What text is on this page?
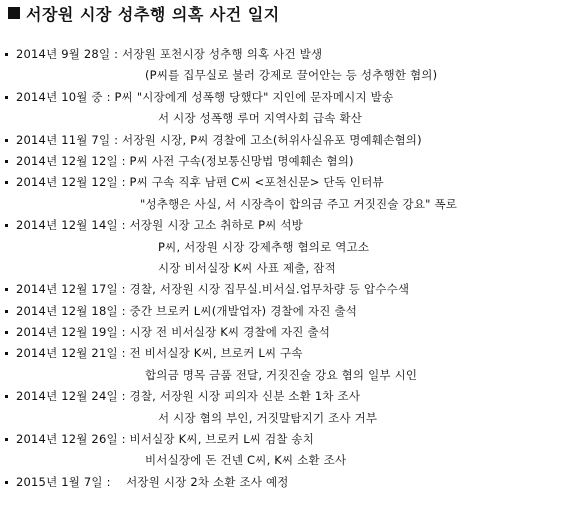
서장원 시장 성추행 의혹 사건 일지
2014년 9월 28일 : 서장원 포천시장 성추행 의혹 사건 발생
(P씨를 집무실로 불러 강제로 끌어안는 등 성추행한 혐의)
2014년 10월 중 : P씨 "시장에게 성폭행 당했다" 지인에 문자메시지 발송
서 시장 성폭행 루머 지역사회 급속 확산
2014년 11월 7일 : 서장원 시장, P씨 경찰에 고소(허위사실유포 명예훼손혐의)
2014년 12월 12일 : P씨 사전 구속(정보통신망법 명예훼손 혐의)
2014년 12월 12일 : P씨 구속 직후 남편 C씨 <포천신문> 단독 인터뷰
"성추행은 사실, 서 시장측이 합의금 주고 거짓진술 강요" 폭로
2014년 12월 14일 : 서장원 시장 고소 취하로 P씨 석방
P씨, 서장원 시장 강제추행 혐의로 역고소
시장 비서실장 K씨 사표 제출, 잠적
2014년 12월 17일 : 경찰, 서장원 시장 집무실.비서실.업무차량 등 압수수색
2014년 12월 18일 : 중간 브로커 L씨(개발업자) 경찰에 자진 출석
2014년 12월 19일 : 시장 전 비서실장 K씨 경찰에 자진 출석
2014년 12월 21일 : 전 비서실장 K씨, 브로커 L씨 구속
합의금 명목 금품 전달, 거짓진술 강요 혐의 일부 시인
2014년 12월 24일 : 경찰, 서장원 시장 피의자 신분 소환 1차 조사
서 시장 혐의 부인, 거짓말탐지기 조사 거부
2014년 12월 26일 : 비서실장 K씨, 브로커 L씨 검찰 송치
비서실장에 돈 건넨 C씨, K씨 소환 조사
2015년 1월 7일 :    서장원 시장 2차 소환 조사 예정
